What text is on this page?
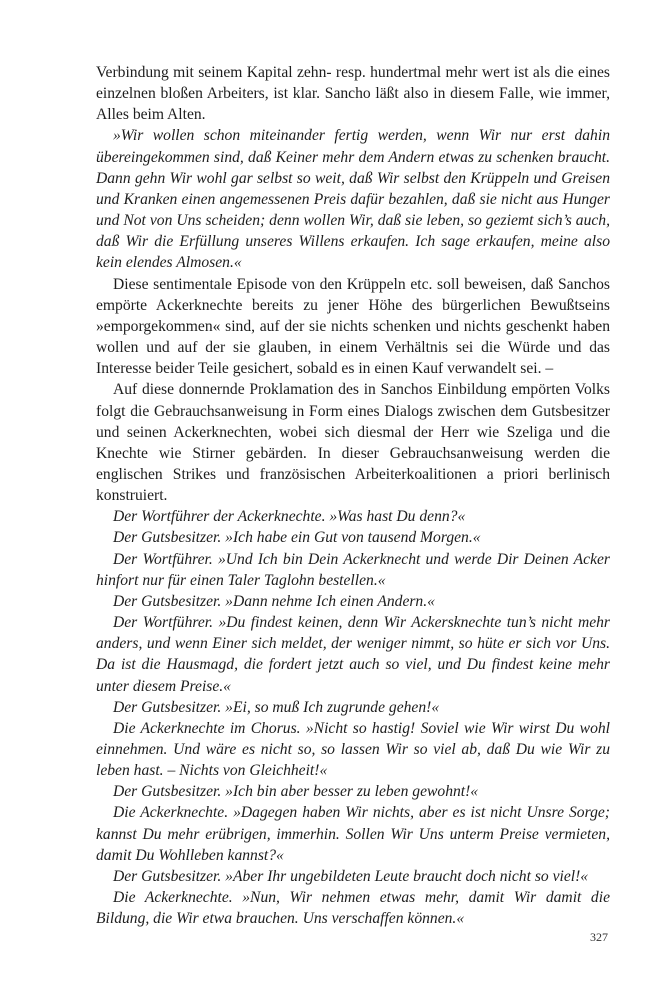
Verbindung mit seinem Kapital zehn- resp. hundertmal mehr wert ist als die eines einzelnen bloßen Arbeiters, ist klar. Sancho läßt also in diesem Falle, wie immer, Alles beim Alten.

»Wir wollen schon miteinander fertig werden, wenn Wir nur erst dahin übereingekommen sind, daß Keiner mehr dem Andern etwas zu schenken braucht. Dann gehn Wir wohl gar selbst so weit, daß Wir selbst den Krüppeln und Greisen und Kranken einen angemessenen Preis dafür bezahlen, daß sie nicht aus Hunger und Not von Uns scheiden; denn wollen Wir, daß sie leben, so geziemt sich’s auch, daß Wir die Erfüllung unseres Willens erkaufen. Ich sage erkaufen, meine also kein elendes Almosen.«

Diese sentimentale Episode von den Krüppeln etc. soll beweisen, daß Sanchos empörte Ackerknechte bereits zu jener Höhe des bürgerlichen Bewußtseins »emporgekommen« sind, auf der sie nichts schenken und nichts geschenkt haben wollen und auf der sie glauben, in einem Verhältnis sei die Würde und das Interesse beider Teile gesichert, sobald es in einen Kauf verwandelt sei. –

Auf diese donnernde Proklamation des in Sanchos Einbildung empörten Volks folgt die Gebrauchsanweisung in Form eines Dialogs zwischen dem Gutsbesitzer und seinen Ackerknechten, wobei sich diesmal der Herr wie Szeliga und die Knechte wie Stirner gebärden. In dieser Gebrauchsanweisung werden die englischen Strikes und französischen Arbeiterkoalitionen a priori berlinisch konstruiert.

Der Wortführer der Ackerknechte. »Was hast Du denn?«

Der Gutsbesitzer. »Ich habe ein Gut von tausend Morgen.«

Der Wortführer. »Und Ich bin Dein Ackerknecht und werde Dir Deinen Acker hinfort nur für einen Taler Taglohn bestellen.«

Der Gutsbesitzer. »Dann nehme Ich einen Andern.«

Der Wortführer. »Du findest keinen, denn Wir Ackersknechte tun’s nicht mehr anders, und wenn Einer sich meldet, der weniger nimmt, so hüte er sich vor Uns. Da ist die Hausmagd, die fordert jetzt auch so viel, und Du findest keine mehr unter diesem Preise.«

Der Gutsbesitzer. »Ei, so muß Ich zugrunde gehen!«

Die Ackerknechte im Chorus. »Nicht so hastig! Soviel wie Wir wirst Du wohl einnehmen. Und wäre es nicht so, so lassen Wir so viel ab, daß Du wie Wir zu leben hast. – Nichts von Gleichheit!«

Der Gutsbesitzer. »Ich bin aber besser zu leben gewohnt!«

Die Ackerknechte. »Dagegen haben Wir nichts, aber es ist nicht Unsre Sorge; kannst Du mehr erübrigen, immerhin. Sollen Wir Uns unterm Preise vermieten, damit Du Wohlleben kannst?«

Der Gutsbesitzer. »Aber Ihr ungebildeten Leute braucht doch nicht so viel!«

Die Ackerknechte. »Nun, Wir nehmen etwas mehr, damit Wir damit die Bildung, die Wir etwa brauchen. Uns verschaffen können.«

327
